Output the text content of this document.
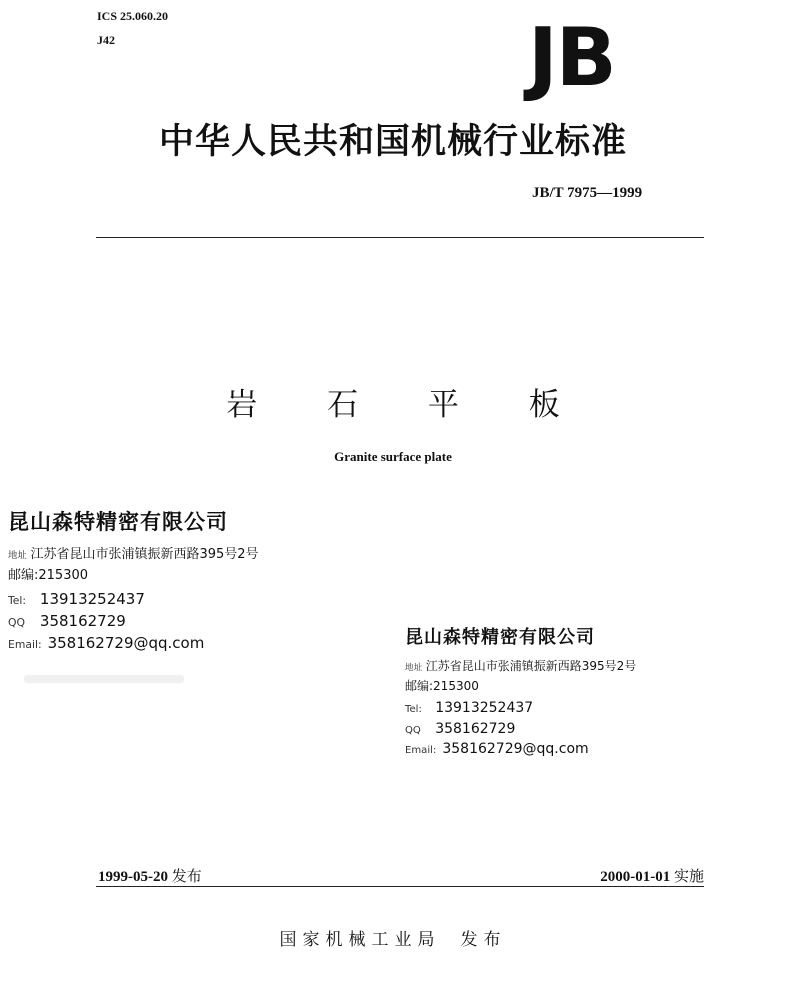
ICS 25.060.20
J42	JB
中华人民共和国机械行业标准
JB/T 7975—1999
岩 石 平 板
Granite surface plate
昆山森特精密有限公司
地址 江苏省昆山市张浦镇振新西路395号2号
邮编:215300
Tel: 13913252437
QQ 358162729
Email: 358162729@qq.com	昆山森特精密有限公司
地址 江苏省昆山市张浦镇振新西路395号2号
邮编:215300
Tel: 13913252437
QQ 358162729
Email: 358162729@qq.com
1999-05-20 发布	2000-01-01 实施
国家机械工业局 发布
